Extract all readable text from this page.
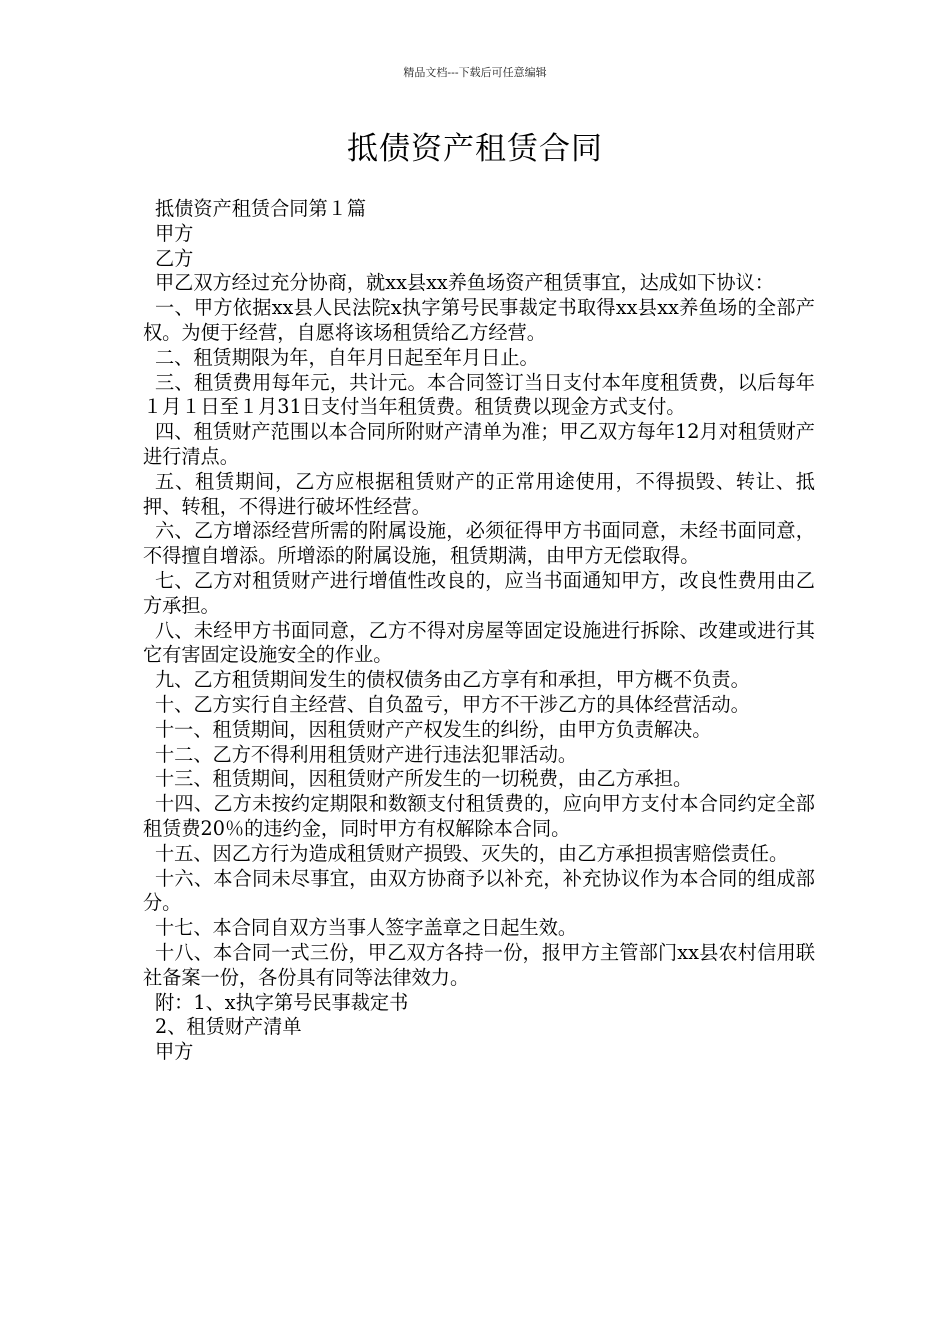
精品文档---下载后可任意编辑
抵债资产租赁合同

抵债资产租赁合同第１篇

甲方

乙方

甲乙双方经过充分协商，就xx县xx养鱼场资产租赁事宜，达成如下协议：

一、甲方依据xx县人民法院x执字第号民事裁定书取得xx县xx养鱼场的全部产权。为便于经营，自愿将该场租赁给乙方经营。

二、租赁期限为年，自年月日起至年月日止。

三、租赁费用每年元，共计元。本合同签订当日支付本年度租赁费，以后每年１月１日至１月31日支付当年租赁费。租赁费以现金方式支付。

四、租赁财产范围以本合同所附财产清单为准；甲乙双方每年12月对租赁财产进行清点。

五、租赁期间，乙方应根据租赁财产的正常用途使用，不得损毁、转让、抵押、转租，不得进行破坏性经营。

六、乙方增添经营所需的附属设施，必须征得甲方书面同意，未经书面同意，不得擅自增添。所增添的附属设施，租赁期满，由甲方无偿取得。

七、乙方对租赁财产进行增值性改良的，应当书面通知甲方，改良性费用由乙方承担。

八、未经甲方书面同意，乙方不得对房屋等固定设施进行拆除、改建或进行其它有害固定设施安全的作业。

九、乙方租赁期间发生的债权债务由乙方享有和承担，甲方概不负责。

十、乙方实行自主经营、自负盈亏，甲方不干涉乙方的具体经营活动。

十一、租赁期间，因租赁财产产权发生的纠纷，由甲方负责解决。

十二、乙方不得利用租赁财产进行违法犯罪活动。

十三、租赁期间，因租赁财产所发生的一切税费，由乙方承担。

十四、乙方未按约定期限和数额支付租赁费的，应向甲方支付本合同约定全部租赁费20％的违约金，同时甲方有权解除本合同。

十五、因乙方行为造成租赁财产损毁、灭失的，由乙方承担损害赔偿责任。

十六、本合同未尽事宜，由双方协商予以补充，补充协议作为本合同的组成部分。

十七、本合同自双方当事人签字盖章之日起生效。

十八、本合同一式三份，甲乙双方各持一份，报甲方主管部门xx县农村信用联社备案一份，各份具有同等法律效力。

附：1、x执字第号民事裁定书

2、租赁财产清单

甲方
